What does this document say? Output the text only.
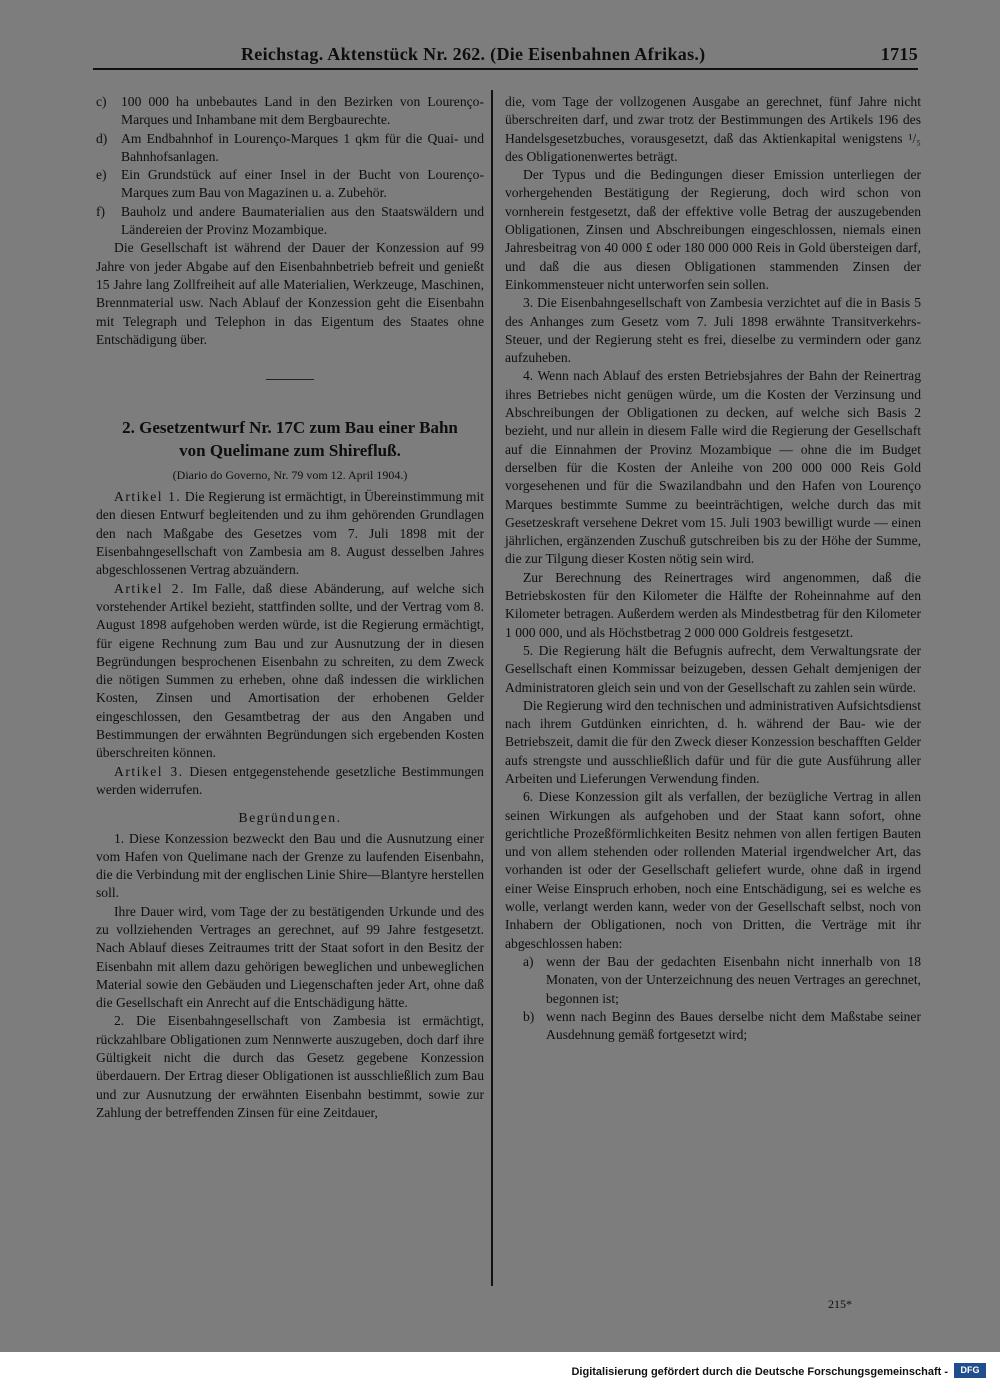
Reichstag. Aktenstück Nr. 262. (Die Eisenbahnen Afrikas.)	1715
c) 100 000 ha unbebautes Land in den Bezirken von Lourenço-Marques und Inhambane mit dem Bergbaurechte.
d) Am Endbahnhof in Lourenço-Marques 1 qkm für die Quai- und Bahnhofsanlagen.
e) Ein Grundstück auf einer Insel in der Bucht von Lourenço-Marques zum Bau von Magazinen u. a. Zubehör.
f) Bauholz und andere Baumaterialien aus den Staatswäldern und Ländereien der Provinz Mozambique.

Die Gesellschaft ist während der Dauer der Konzession auf 99 Jahre von jeder Abgabe auf den Eisenbahnbetrieb befreit und genießt 15 Jahre lang Zollfreiheit auf alle Materialien, Werkzeuge, Maschinen, Brennmaterial usw. Nach Ablauf der Konzession geht die Eisenbahn mit Telegraph und Telephon in das Eigentum des Staates ohne Entschädigung über.

2. Gesetzentwurf Nr. 17C zum Bau einer Bahn
von Quelimane zum Shirefluß.

(Diario do Governo, Nr. 79 vom 12. April 1904.)

Artikel 1. Die Regierung ist ermächtigt, in Übereinstimmung mit den diesen Entwurf begleitenden und zu ihm gehörenden Grundlagen den nach Maßgabe des Gesetzes vom 7. Juli 1898 mit der Eisenbahngesellschaft von Zambesia am 8. August desselben Jahres abgeschlossenen Vertrag abzuändern.

Artikel 2. Im Falle, daß diese Abänderung, auf welche sich vorstehender Artikel bezieht, stattfinden sollte, und der Vertrag vom 8. August 1898 aufgehoben werden würde, ist die Regierung ermächtigt, für eigene Rechnung zum Bau und zur Ausnutzung der in diesen Begründungen besprochenen Eisenbahn zu schreiten, zu dem Zweck die nötigen Summen zu erheben, ohne daß indessen die wirklichen Kosten, Zinsen und Amortisation der erhobenen Gelder eingeschlossen, den Gesamtbetrag der aus den Angaben und Bestimmungen der erwähnten Begründungen sich ergebenden Kosten überschreiten können.

Artikel 3. Diesen entgegenstehende gesetzliche Bestimmungen werden widerrufen.

Begründungen.

1. Diese Konzession bezweckt den Bau und die Ausnutzung einer vom Hafen von Quelimane nach der Grenze zu laufenden Eisenbahn, die die Verbindung mit der englischen Linie Shire—Blantyre herstellen soll.

Ihre Dauer wird, vom Tage der zu bestätigenden Urkunde und des zu vollziehenden Vertrages an gerechnet, auf 99 Jahre festgesetzt. Nach Ablauf dieses Zeitraumes tritt der Staat sofort in den Besitz der Eisenbahn mit allem dazu gehörigen beweglichen und unbeweglichen Material sowie den Gebäuden und Liegenschaften jeder Art, ohne daß die Gesellschaft ein Anrecht auf die Entschädigung hätte.

2. Die Eisenbahngesellschaft von Zambesia ist ermächtigt, rückzahlbare Obligationen zum Nennwerte auszugeben, doch darf ihre Gültigkeit nicht die durch das Gesetz gegebene Konzession überdauern. Der Ertrag dieser Obligationen ist ausschließlich zum Bau und zur Ausnutzung der erwähnten Eisenbahn bestimmt, sowie zur Zahlung der betreffenden Zinsen für eine Zeitdauer,

die, vom Tage der vollzogenen Ausgabe an gerechnet, fünf Jahre nicht überschreiten darf, und zwar trotz der Bestimmungen des Artikels 196 des Handelsgesetzbuches, vorausgesetzt, daß das Aktienkapital wenigstens ¹/₅ des Obligationenwertes beträgt.

Der Typus und die Bedingungen dieser Emission unterliegen der vorhergehenden Bestätigung der Regierung, doch wird schon von vornherein festgesetzt, daß der effektive volle Betrag der auszugebenden Obligationen, Zinsen und Abschreibungen eingeschlossen, niemals einen Jahresbeitrag von 40 000 £ oder 180 000 000 Reis in Gold übersteigen darf, und daß die aus diesen Obligationen stammenden Zinsen der Einkommensteuer nicht unterworfen sein sollen.

3. Die Eisenbahngesellschaft von Zambesia verzichtet auf die in Basis 5 des Anhanges zum Gesetz vom 7. Juli 1898 erwähnte Transitverkehrs-Steuer, und der Regierung steht es frei, dieselbe zu vermindern oder ganz aufzuheben.

4. Wenn nach Ablauf des ersten Betriebsjahres der Bahn der Reinertrag ihres Betriebes nicht genügen würde, um die Kosten der Verzinsung und Abschreibungen der Obligationen zu decken, auf welche sich Basis 2 bezieht, und nur allein in diesem Falle wird die Regierung der Gesellschaft auf die Einnahmen der Provinz Mozambique — ohne die im Budget derselben für die Kosten der Anleihe von 200 000 000 Reis Gold vorgesehenen und für die Swazilandbahn und den Hafen von Lourenço Marques bestimmte Summe zu beeinträchtigen, welche durch das mit Gesetzeskraft versehene Dekret vom 15. Juli 1903 bewilligt wurde — einen jährlichen, ergänzenden Zuschuß gutschreiben bis zu der Höhe der Summe, die zur Tilgung dieser Kosten nötig sein wird.

Zur Berechnung des Reinertrages wird angenommen, daß die Betriebskosten für den Kilometer die Hälfte der Roheinnahme auf den Kilometer betragen. Außerdem werden als Mindestbetrag für den Kilometer 1 000 000, und als Höchstbetrag 2 000 000 Goldreis festgesetzt.

5. Die Regierung hält die Befugnis aufrecht, dem Verwaltungsrate der Gesellschaft einen Kommissar beizugeben, dessen Gehalt demjenigen der Administratoren gleich sein und von der Gesellschaft zu zahlen sein würde.

Die Regierung wird den technischen und administrativen Aufsichtsdienst nach ihrem Gutdünken einrichten, d. h. während der Bau- wie der Betriebszeit, damit die für den Zweck dieser Konzession beschafften Gelder aufs strengste und ausschließlich dafür und für die gute Ausführung aller Arbeiten und Lieferungen Verwendung finden.

6. Diese Konzession gilt als verfallen, der bezügliche Vertrag in allen seinen Wirkungen als aufgehoben und der Staat kann sofort, ohne gerichtliche Prozeßförmlichkeiten Besitz nehmen von allen fertigen Bauten und von allem stehenden oder rollenden Material irgendwelcher Art, das vorhanden ist oder der Gesellschaft geliefert wurde, ohne daß in irgend einer Weise Einspruch erhoben, noch eine Entschädigung, sei es welche es wolle, verlangt werden kann, weder von der Gesellschaft selbst, noch von Inhabern der Obligationen, noch von Dritten, die Verträge mit ihr abgeschlossen haben:

a) wenn der Bau der gedachten Eisenbahn nicht innerhalb von 18 Monaten, von der Unterzeichnung des neuen Vertrages an gerechnet, begonnen ist;
b) wenn nach Beginn des Baues derselbe nicht dem Maßstabe seiner Ausdehnung gemäß fortgesetzt wird;
215*
Digitalisierung gefördert durch die Deutsche Forschungsgemeinschaft -	DFG
